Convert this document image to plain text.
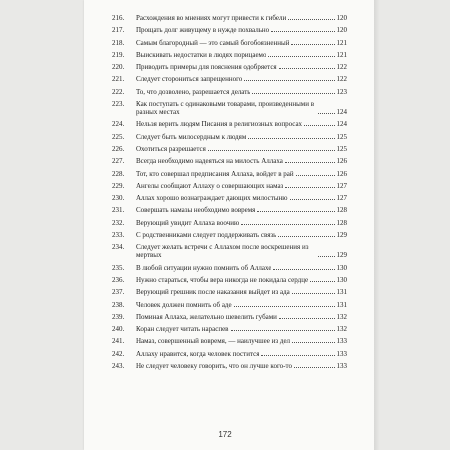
216.	Расхождения во мнениях могут привести к гибели	120
217.	Прощать долг живущему в нужде похвально	120
218.	Самым благородный — это самый богобоязненный	121
219.	Выискивать недостатки в людях порицаемо	121
220.	Приводить примеры для пояснения одобряется	122
221.	Следует сторониться запрещенного	122
222.	То, что дозволено, разрешается делать	123
223.	Как поступать с одинаковыми товарами, произведенными в разных местах	124
224.	Нельзя верить людям Писания в религиозных вопросах	124
225.	Следует быть милосердным к людям	125
226.	Охотиться разрешается	125
227.	Всегда необходимо надеяться на милость Аллаха	126
228.	Тот, кто совершал предписания Аллаха, войдет в рай	126
229.	Ангелы сообщают Аллаху о совершающих намаз	127
230.	Аллах хорошо вознаграждает дающих милостыню	127
231.	Совершать намазы необходимо вовремя	128
232.	Верующий увидит Аллаха воочию	128
233.	С родственниками следует поддерживать связь	129
234.	Следует желать встречи с Аллахом после воскрешения из мертвых	129
235.	В любой ситуации нужно помнить об Аллахе	130
236.	Нужно стараться, чтобы вера никогда не покидала сердце	130
237.	Верующий грешник после наказания выйдет из ада	131
238.	Человек должен помнить об аде	131
239.	Поминая Аллаха, желательно шевелить губами	132
240.	Коран следует читать нараспев	132
241.	Намаз, совершенный вовремя, — наилучшее из дел	133
242.	Аллаху нравится, когда человек постится	133
243.	Не следует человеку говорить, что он лучше кого-то	133
172
